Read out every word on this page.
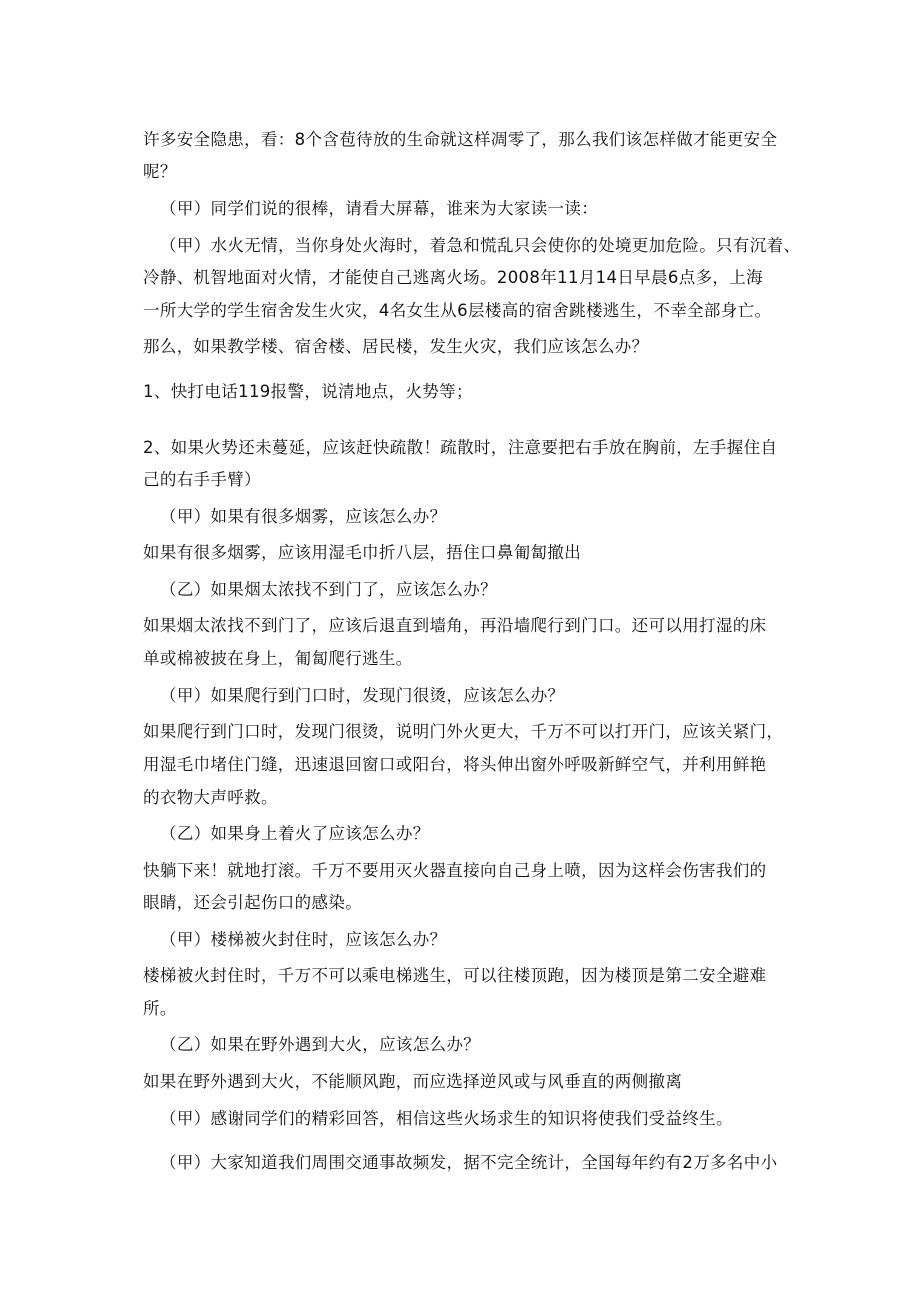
许多安全隐患，看：8个含苞待放的生命就这样凋零了，那么我们该怎样做才能更安全
呢？
（甲）同学们说的很棒，请看大屏幕，谁来为大家读一读：
（甲）水火无情，当你身处火海时，着急和慌乱只会使你的处境更加危险。只有沉着、
冷静、机智地面对火情，才能使自己逃离火场。2008年11月14日早晨6点多，上海
一所大学的学生宿舍发生火灾，4名女生从6层楼高的宿舍跳楼逃生，不幸全部身亡。
那么，如果教学楼、宿舍楼、居民楼，发生火灾，我们应该怎么办？
1、快打电话119报警，说清地点，火势等；
2、如果火势还未蔓延，应该赶快疏散！疏散时，注意要把右手放在胸前，左手握住自
己的右手手臂）
（甲）如果有很多烟雾，应该怎么办？
如果有很多烟雾，应该用湿毛巾折八层，捂住口鼻匍匐撤出
（乙）如果烟太浓找不到门了，应该怎么办？
如果烟太浓找不到门了，应该后退直到墙角，再沿墙爬行到门口。还可以用打湿的床
单或棉被披在身上，匍匐爬行逃生。
（甲）如果爬行到门口时，发现门很烫，应该怎么办？
如果爬行到门口时，发现门很烫，说明门外火更大，千万不可以打开门，应该关紧门，
用湿毛巾堵住门缝，迅速退回窗口或阳台，将头伸出窗外呼吸新鲜空气，并利用鲜艳
的衣物大声呼救。
（乙）如果身上着火了应该怎么办？
快躺下来！就地打滚。千万不要用灭火器直接向自己身上喷，因为这样会伤害我们的
眼睛，还会引起伤口的感染。
（甲）楼梯被火封住时，应该怎么办？
楼梯被火封住时，千万不可以乘电梯逃生，可以往楼顶跑，因为楼顶是第二安全避难
所。
（乙）如果在野外遇到大火，应该怎么办？
如果在野外遇到大火，不能顺风跑，而应选择逆风或与风垂直的两侧撤离
（甲）感谢同学们的精彩回答，相信这些火场求生的知识将使我们受益终生。
（甲）大家知道我们周围交通事故频发，据不完全统计，全国每年约有2万多名中小
